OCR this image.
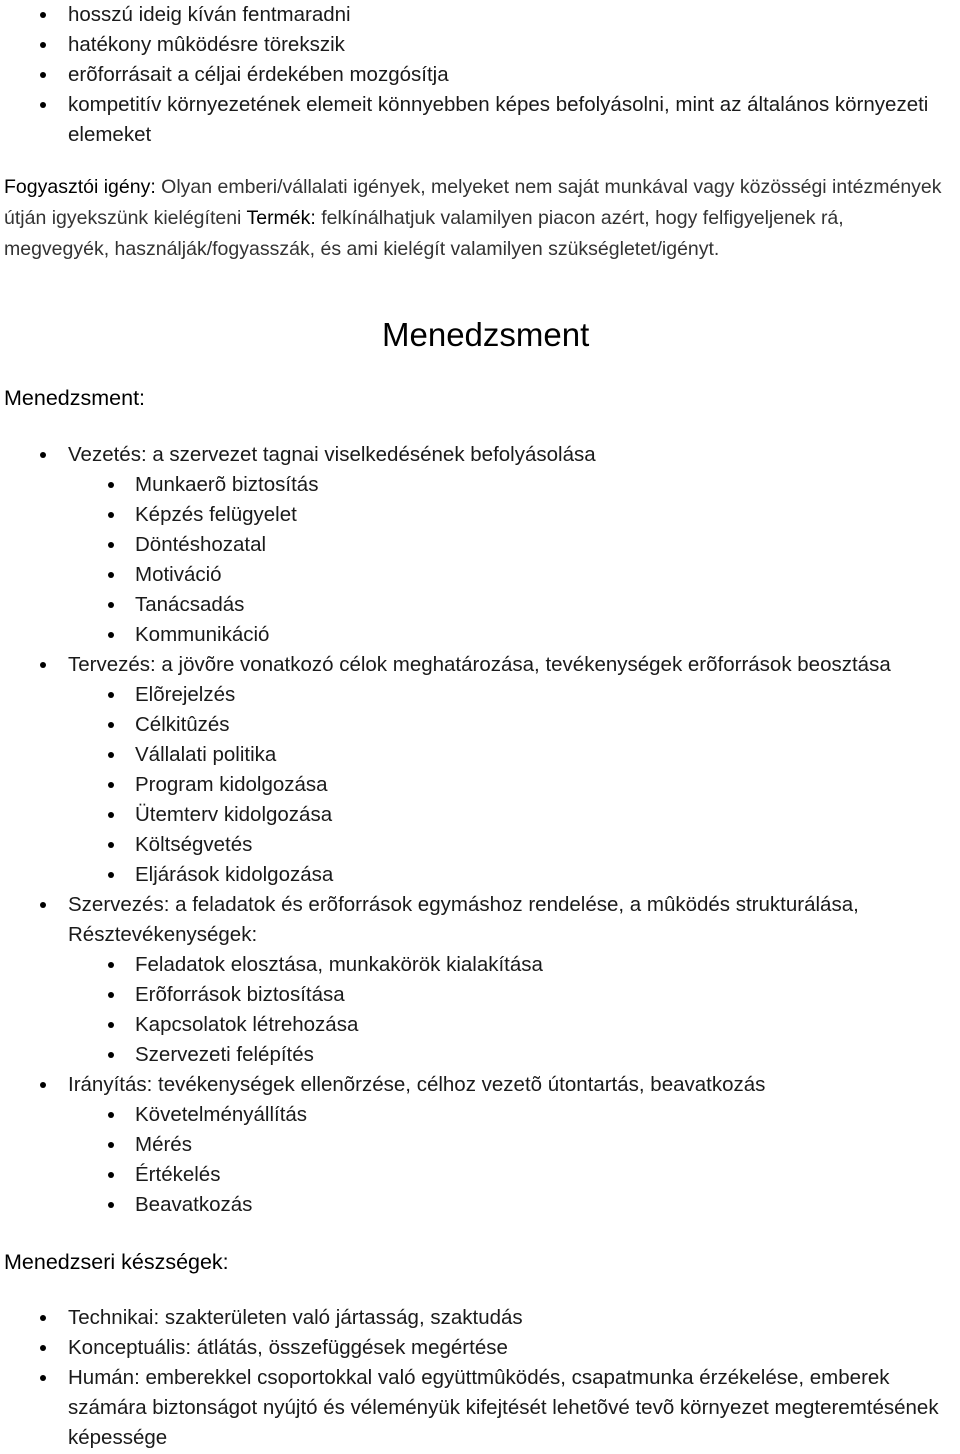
hosszú ideig kíván fentmaradni
hatékony mûködésre törekszik
erõforrásait a céljai érdekében mozgósítja
kompetitív környezetének elemeit könnyebben képes befolyásolni, mint az általános környezeti elemeket

Fogyasztói igény: Olyan emberi/vállalati igények, melyeket nem saját munkával vagy közösségi intézmények útján igyekszünk kielégíteni Termék: felkínálhatjuk valamilyen piacon azért, hogy felfigyeljenek rá, megvegyék, használják/fogyasszák, és ami kielégít valamilyen szükségletet/igényt.

Menedzsment
Menedzsment:
Vezetés: a szervezet tagnai viselkedésének befolyásolása
Munkaerõ biztosítás
Képzés felügyelet
Döntéshozatal
Motiváció
Tanácsadás
Kommunikáció
Tervezés: a jövõre vonatkozó célok meghatározása, tevékenységek erõforrások beosztása
Elõrejelzés
Célkitûzés
Vállalati politika
Program kidolgozása
Ütemterv kidolgozása
Költségvetés
Eljárások kidolgozása
Szervezés: a feladatok és erõforrások egymáshoz rendelése, a mûködés strukturálása, Résztevékenységek:
Feladatok elosztása, munkakörök kialakítása
Erõforrások biztosítása
Kapcsolatok létrehozása
Szervezeti felépítés
Irányítás: tevékenységek ellenõrzése, célhoz vezetõ útontartás, beavatkozás
Követelményállítás
Mérés
Értékelés
Beavatkozás
Menedzseri készségek:
Technikai: szakterületen való jártasság, szaktudás
Konceptuális: átlátás, összefüggések megértése
Humán: emberekkel csoportokkal való együttmûködés, csapatmunka érzékelése, emberek számára biztonságot nyújtó és véleményük kifejtését lehetõvé tevõ környezet megteremtésének képessége
